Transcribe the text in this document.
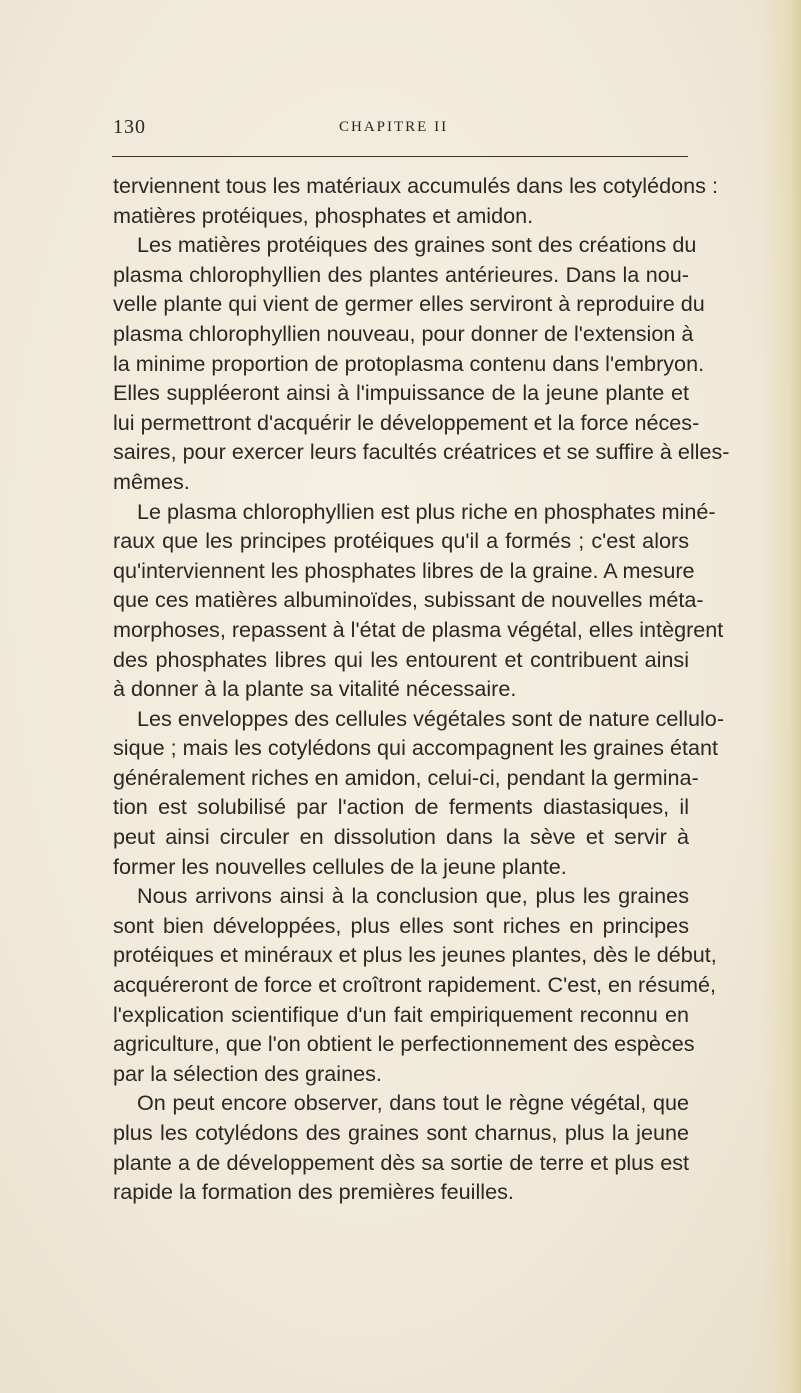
130	CHAPITRE II
terviennent tous les matériaux accumulés dans les cotylédons :
matières protéiques, phosphates et amidon.
Les matières protéiques des graines sont des créations du
plasma chlorophyllien des plantes antérieures. Dans la nou-
velle plante qui vient de germer elles serviront à reproduire du
plasma chlorophyllien nouveau, pour donner de l'extension à
la minime proportion de protoplasma contenu dans l'embryon.
Elles suppléeront ainsi à l'impuissance de la jeune plante et
lui permettront d'acquérir le développement et la force néces-
saires, pour exercer leurs facultés créatrices et se suffire à elles-
mêmes.
Le plasma chlorophyllien est plus riche en phosphates miné-
raux que les principes protéiques qu'il a formés ; c'est alors
qu'interviennent les phosphates libres de la graine. A mesure
que ces matières albuminoïdes, subissant de nouvelles méta-
morphoses, repassent à l'état de plasma végétal, elles intègrent
des phosphates libres qui les entourent et contribuent ainsi
à donner à la plante sa vitalité nécessaire.
Les enveloppes des cellules végétales sont de nature cellulo-
sique ; mais les cotylédons qui accompagnent les graines étant
généralement riches en amidon, celui-ci, pendant la germina-
tion est solubilisé par l'action de ferments diastasiques, il
peut ainsi circuler en dissolution dans la sève et servir à
former les nouvelles cellules de la jeune plante.
Nous arrivons ainsi à la conclusion que, plus les graines
sont bien développées, plus elles sont riches en principes
protéiques et minéraux et plus les jeunes plantes, dès le début,
acquéreront de force et croîtront rapidement. C'est, en résumé,
l'explication scientifique d'un fait empiriquement reconnu en
agriculture, que l'on obtient le perfectionnement des espèces
par la sélection des graines.
On peut encore observer, dans tout le règne végétal, que
plus les cotylédons des graines sont charnus, plus la jeune
plante a de développement dès sa sortie de terre et plus est
rapide la formation des premières feuilles.
